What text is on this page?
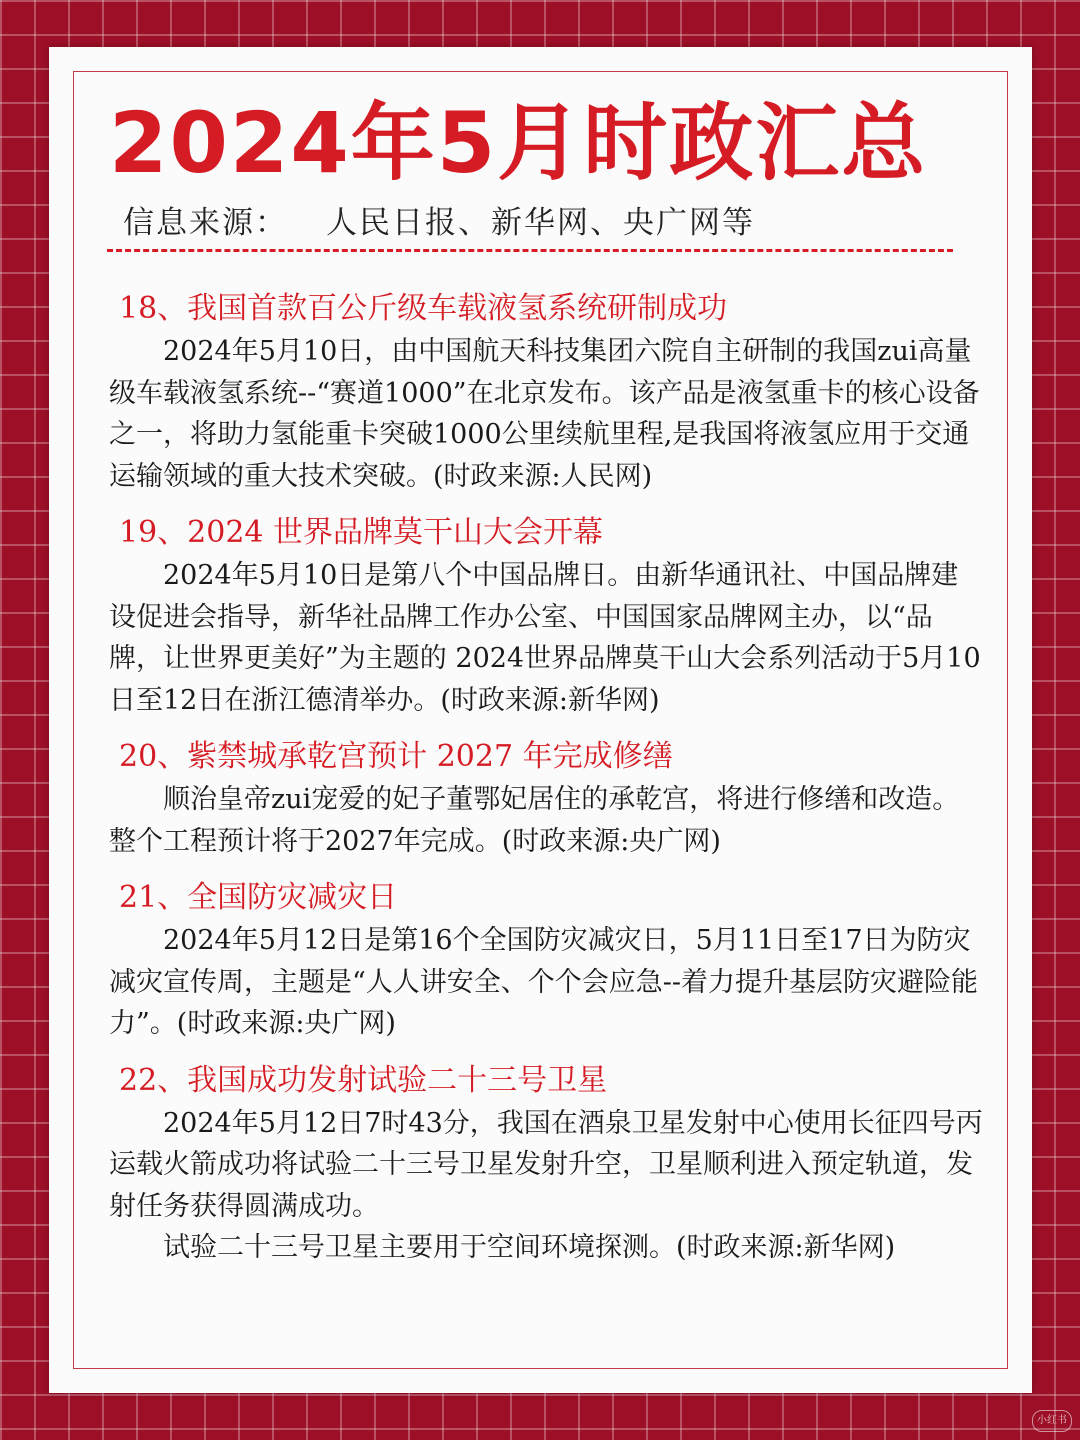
2024年5月时政汇总
信息来源： 人民日报、新华网、央广网等
18、我国首款百公斤级车载液氢系统研制成功

2024年5月10日，由中国航天科技集团六院自主研制的我国zui高量级车载液氢系统--“赛道1000”在北京发布。该产品是液氢重卡的核心设备之一，将助力氢能重卡突破1000公里续航里程,是我国将液氢应用于交通运输领域的重大技术突破。(时政来源:人民网)

19、2024 世界品牌莫干山大会开幕

2024年5月10日是第八个中国品牌日。由新华通讯社、中国品牌建设促进会指导，新华社品牌工作办公室、中国国家品牌网主办，以“品牌，让世界更美好”为主题的 2024世界品牌莫干山大会系列活动于5月10日至12日在浙江德清举办。(时政来源:新华网)

20、紫禁城承乾宫预计 2027 年完成修缮

顺治皇帝zui宠爱的妃子董鄂妃居住的承乾宫，将进行修缮和改造。整个工程预计将于2027年完成。(时政来源:央广网)

21、全国防灾减灾日

2024年5月12日是第16个全国防灾减灾日，5月11日至17日为防灾减灾宣传周，主题是“人人讲安全、个个会应急--着力提升基层防灾避险能力”。(时政来源:央广网)

22、我国成功发射试验二十三号卫星

2024年5月12日7时43分，我国在酒泉卫星发射中心使用长征四号丙运载火箭成功将试验二十三号卫星发射升空，卫星顺利进入预定轨道，发射任务获得圆满成功。

试验二十三号卫星主要用于空间环境探测。(时政来源:新华网)

小红书
